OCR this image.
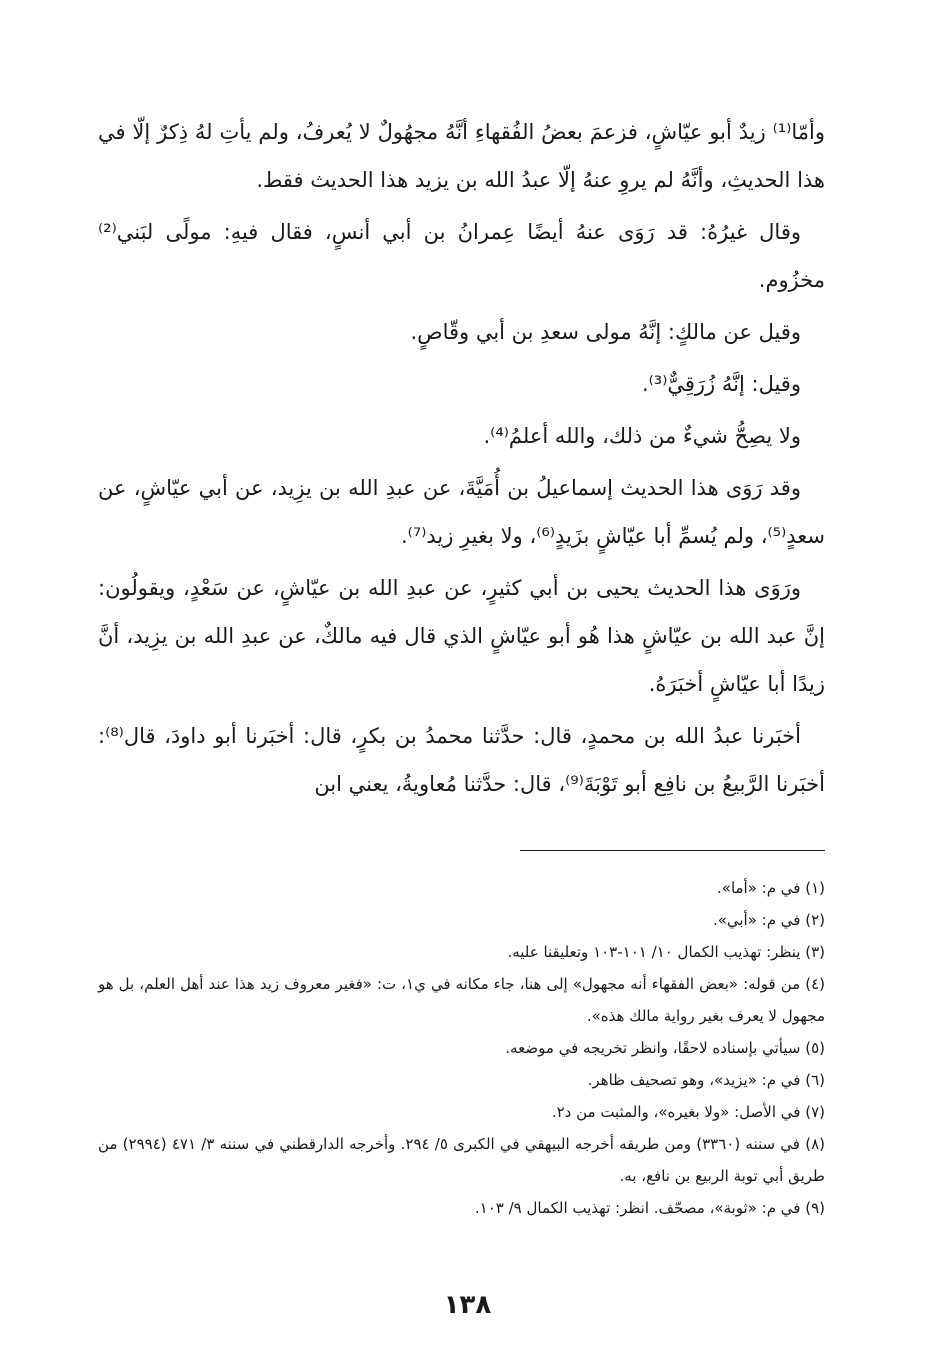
وأمّا⁽¹⁾ زيدٌ أبو عيّاشٍ، فزعمَ بعضُ الفُقهاءِ أنَّهُ مجهُولٌ لا يُعرفُ، ولم يأتِ لهُ ذِكرٌ إلّا في هذا الحديثِ، وأنَّهُ لم يروِ عنهُ إلّا عبدُ الله بن يزيد هذا الحديث فقط.

وقال غيرُهُ: قد رَوَى عنهُ أيضًا عِمرانُ بن أبي أنسٍ، فقال فيهِ: مولًى لبَني⁽²⁾ مخزُوم.

وقيل عن مالكٍ: إنَّهُ مولى سعدِ بن أبي وقّاصٍ.

وقيل: إنَّهُ زُرَقِيٌّ⁽³⁾.

ولا يصِحُّ شيءٌ من ذلك، والله أعلمُ⁽⁴⁾.

وقد رَوَى هذا الحديث إسماعيلُ بن أُمَيَّةَ، عن عبدِ الله بن يزِيد، عن أبي عيّاشٍ، عن سعدٍ⁽⁵⁾، ولم يُسمِّ أبا عيّاشٍ بزَيدٍ⁽⁶⁾، ولا بغيرِ زيد⁽⁷⁾.

ورَوَى هذا الحديث يحيى بن أبي كثيرٍ، عن عبدِ الله بن عيّاشٍ، عن سَعْدٍ، ويقولُون: إنَّ عبد الله بن عيّاشٍ هذا هُو أبو عيّاشٍ الذي قال فيه مالكٌ، عن عبدِ الله بن يزِيد، أنَّ زيدًا أبا عيّاشٍ أخبَرَهُ.

أخبَرنا عبدُ الله بن محمدٍ، قال: حدَّثنا محمدُ بن بكرٍ، قال: أخبَرنا أبو داودَ، قال⁽⁸⁾: أخبَرنا الرَّبيعُ بن نافِع أبو تَوْبَةَ⁽⁹⁾، قال: حدَّثنا مُعاويةُ، يعني ابن

(١) في م: «أما».

(٢) في م: «أبي».

(٣) ينظر: تهذيب الكمال ١٠/ ١٠١-١٠٣ وتعليقنا عليه.

(٤) من قوله: «بعض الفقهاء أنه مجهول» إلى هنا، جاء مكانه في ي١، ت: «فغير معروف زيد هذا عند أهل العلم، بل هو مجهول لا يعرف بغير رواية مالك هذه».

(٥) سيأتي بإسناده لاحقًا، وانظر تخريجه في موضعه.

(٦) في م: «يزيد»، وهو تصحيف ظاهر.

(٧) في الأصل: «ولا بغيره»، والمثبت من د٢.

(٨) في سننه (٣٣٦٠) ومن طريقه أخرجه البيهقي في الكبرى ٥/ ٢٩٤. وأخرجه الدارقطني في سننه ٣/ ٤٧١ (٢٩٩٤) من طريق أبي توبة الربيع بن نافع، به.

(٩) في م: «ثوبة»، مصحّف. انظر: تهذيب الكمال ٩/ ١٠٣.

١٣٨
